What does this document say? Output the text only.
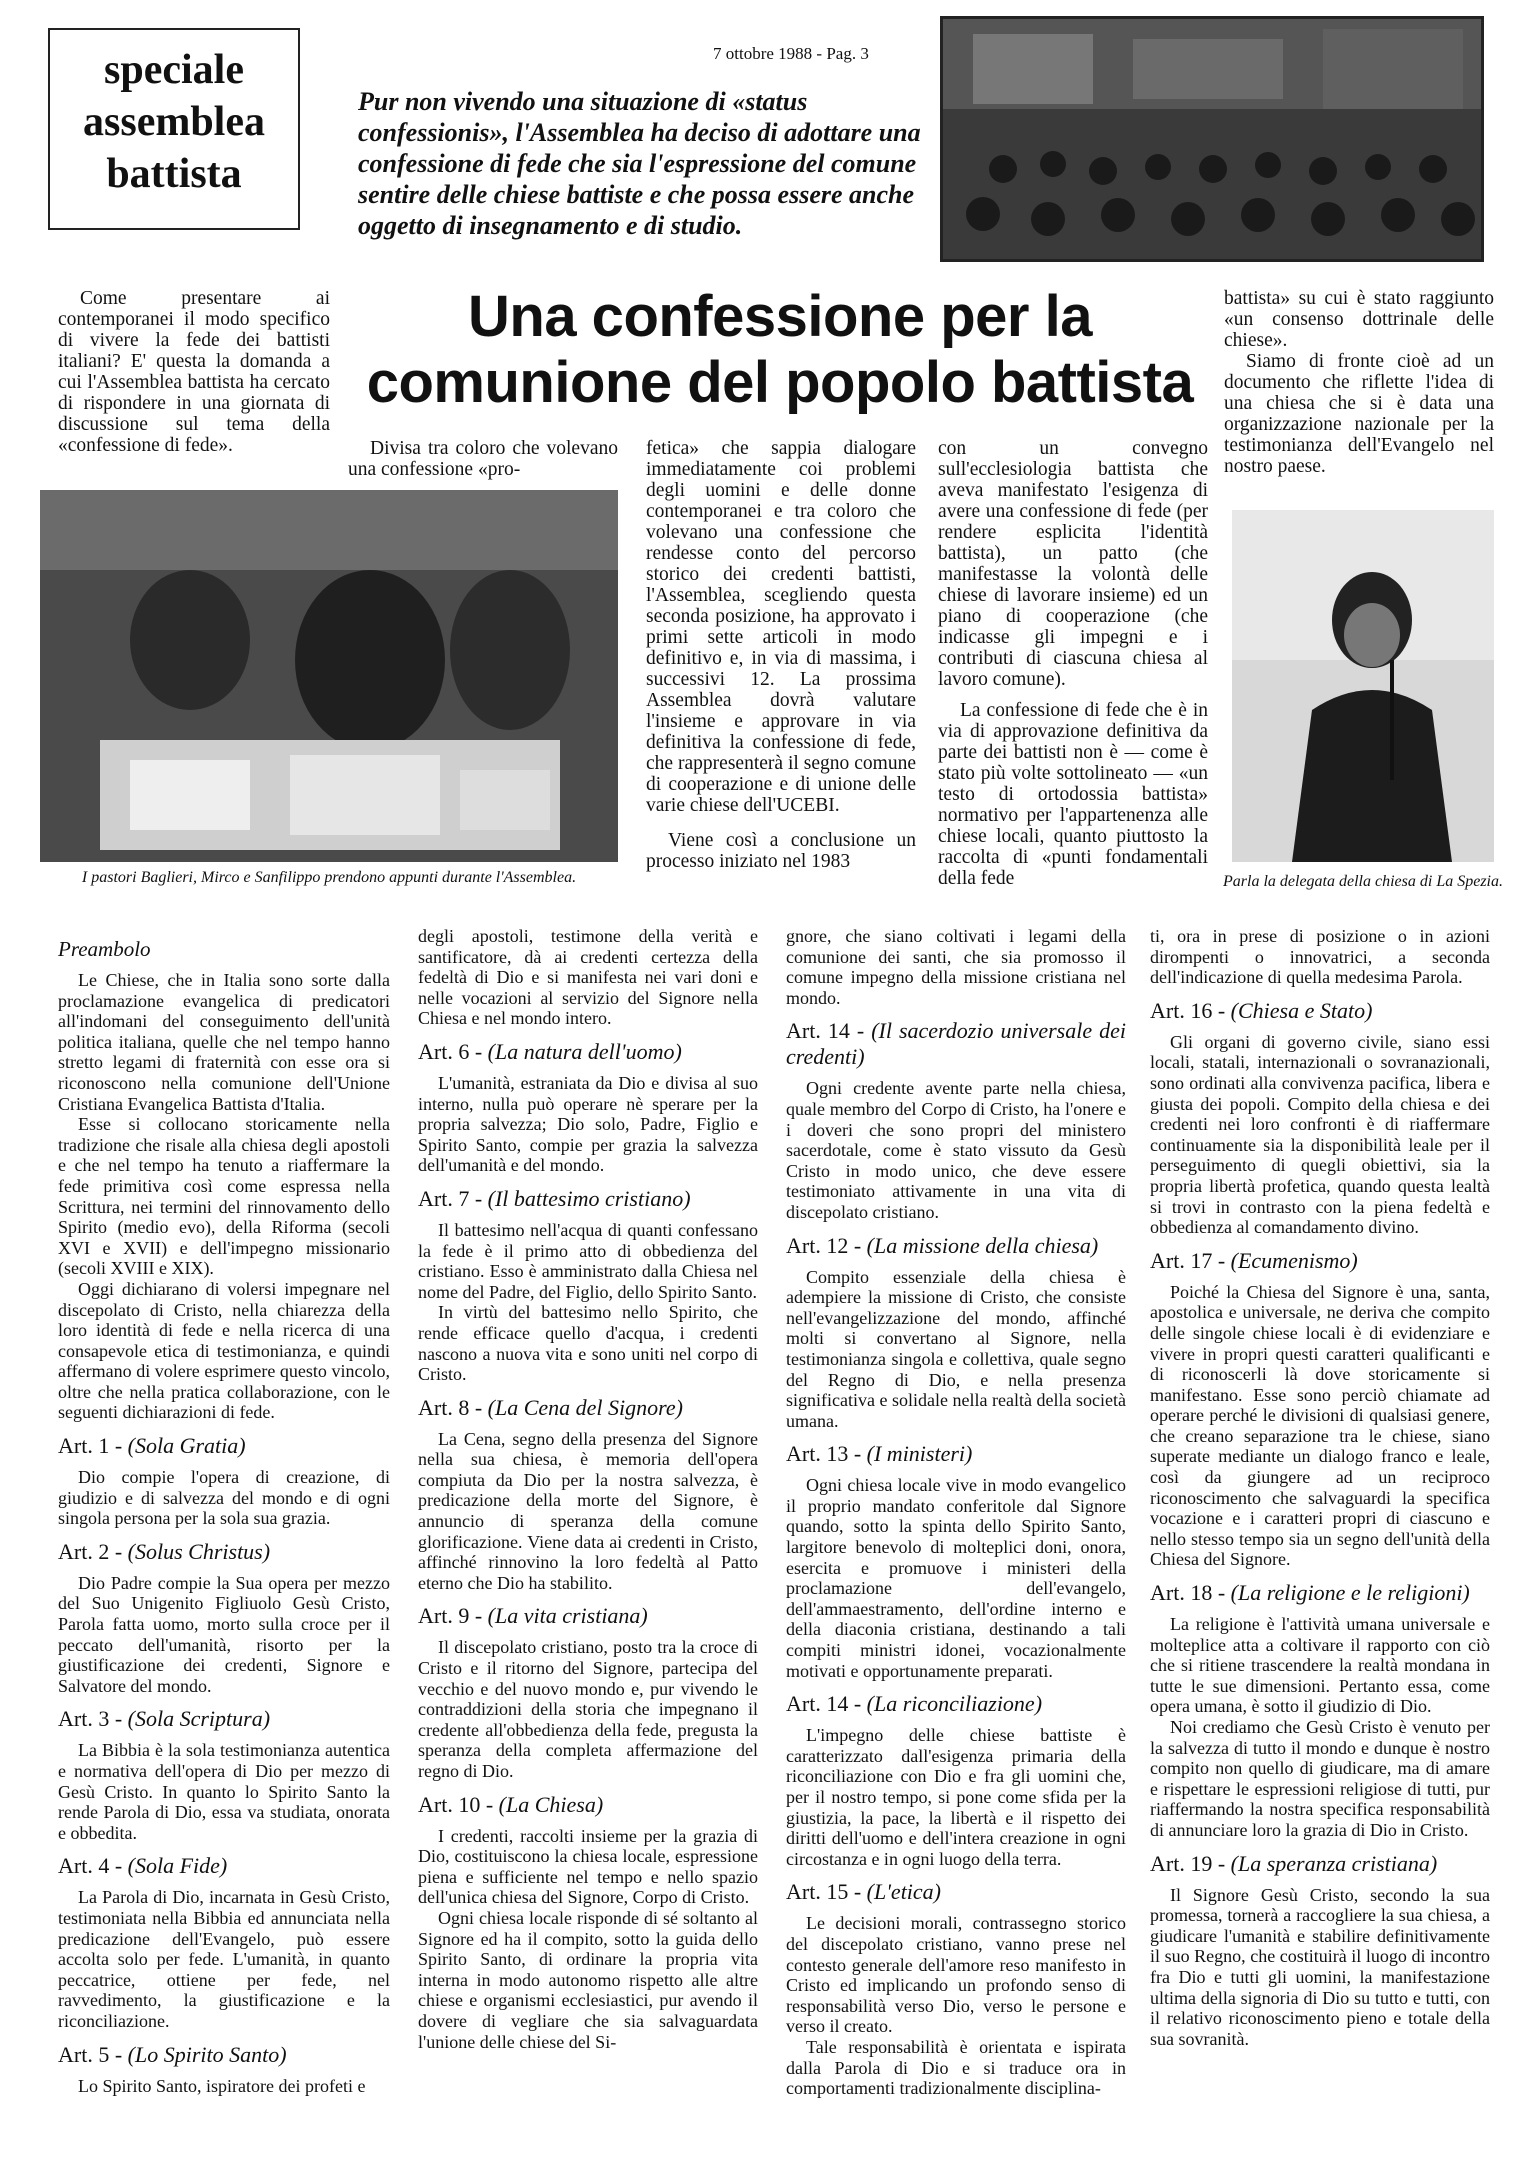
speciale
assemblea
battista
7 ottobre 1988 - Pag. 3
Pur non vivendo una situazione di «status confessionis», l'Assemblea ha deciso di adottare una confessione di fede che sia l'espressione del comune sentire delle chiese battiste e che possa essere anche oggetto di insegnamento e di studio.
Una confessione per la
comunione del popolo battista

Come presentare ai contemporanei il modo specifico di vivere la fede dei battisti italiani? E' questa la domanda a cui l'Assemblea battista ha cercato di rispondere in una giornata di discussione sul tema della «confessione di fede».	Divisa tra coloro che volevano una confessione «pro-

I pastori Baglieri, Mirco e Sanfilippo prendono appunti durante l'Assemblea.

fetica» che sappia dialogare immediatamente coi problemi degli uomini e delle donne contemporanei e tra coloro che volevano una confessione che rendesse conto del percorso storico dei credenti battisti, l'Assemblea, scegliendo questa seconda posizione, ha approvato i primi sette articoli in modo definitivo e, in via di massima, i successivi 12. La prossima Assemblea dovrà valutare l'insieme e approvare in via definitiva la confessione di fede, che rappresenterà il segno comune di cooperazione e di unione delle varie chiese dell'UCEBI.

Viene così a conclusione un processo iniziato nel 1983

con un convegno sull'ecclesiologia battista che aveva manifestato l'esigenza di avere una confessione di fede (per rendere esplicita l'identità battista), un patto (che manifestasse la volontà delle chiese di lavorare insieme) ed un piano di cooperazione (che indicasse gli impegni e i contributi di ciascuna chiesa al lavoro comune).

La confessione di fede che è in via di approvazione definitiva da parte dei battisti non è — come è stato più volte sottolineato — «un testo di ortodossia battista» normativo per l'appartenenza alle chiese locali, quanto piuttosto la raccolta di «punti fondamentali della fede

battista» su cui è stato raggiunto «un consenso dottrinale delle chiese».

Siamo di fronte cioè ad un documento che riflette l'idea di una chiesa che si è data una organizzazione nazionale per la testimonianza dell'Evangelo nel nostro paese.

Parla la delegata della chiesa di La Spezia.
Preambolo

Le Chiese, che in Italia sono sorte dalla proclamazione evangelica di predicatori all'indomani del conseguimento dell'unità politica italiana, quelle che nel tempo hanno stretto legami di fraternità con esse ora si riconoscono nella comunione dell'Unione Cristiana Evangelica Battista d'Italia.

Esse si collocano storicamente nella tradizione che risale alla chiesa degli apostoli e che nel tempo ha tenuto a riaffermare la fede primitiva così come espressa nella Scrittura, nei termini del rinnovamento dello Spirito (medio evo), della Riforma (secoli XVI e XVII) e dell'impegno missionario (secoli XVIII e XIX).

Oggi dichiarano di volersi impegnare nel discepolato di Cristo, nella chiarezza della loro identità di fede e nella ricerca di una consapevole etica di testimonianza, e quindi affermano di volere esprimere questo vincolo, oltre che nella pratica collaborazione, con le seguenti dichiarazioni di fede.

Art. 1 - (Sola Gratia)

Dio compie l'opera di creazione, di giudizio e di salvezza del mondo e di ogni singola persona per la sola sua grazia.

Art. 2 - (Solus Christus)

Dio Padre compie la Sua opera per mezzo del Suo Unigenito Figliuolo Gesù Cristo, Parola fatta uomo, morto sulla croce per il peccato dell'umanità, risorto per la giustificazione dei credenti, Signore e Salvatore del mondo.

Art. 3 - (Sola Scriptura)

La Bibbia è la sola testimonianza autentica e normativa dell'opera di Dio per mezzo di Gesù Cristo. In quanto lo Spirito Santo la rende Parola di Dio, essa va studiata, onorata e obbedita.

Art. 4 - (Sola Fide)

La Parola di Dio, incarnata in Gesù Cristo, testimoniata nella Bibbia ed annunciata nella predicazione dell'Evangelo, può essere accolta solo per fede. L'umanità, in quanto peccatrice, ottiene per fede, nel ravvedimento, la giustificazione e la riconciliazione.

Art. 5 - (Lo Spirito Santo)

Lo Spirito Santo, ispiratore dei profeti e

degli apostoli, testimone della verità e santificatore, dà ai credenti certezza della fedeltà di Dio e si manifesta nei vari doni e nelle vocazioni al servizio del Signore nella Chiesa e nel mondo intero.

Art. 6 - (La natura dell'uomo)

L'umanità, estraniata da Dio e divisa al suo interno, nulla può operare nè sperare per la propria salvezza; Dio solo, Padre, Figlio e Spirito Santo, compie per grazia la salvezza dell'umanità e del mondo.

Art. 7 - (Il battesimo cristiano)

Il battesimo nell'acqua di quanti confessano la fede è il primo atto di obbedienza del cristiano. Esso è amministrato dalla Chiesa nel nome del Padre, del Figlio, dello Spirito Santo.

In virtù del battesimo nello Spirito, che rende efficace quello d'acqua, i credenti nascono a nuova vita e sono uniti nel corpo di Cristo.

Art. 8 - (La Cena del Signore)

La Cena, segno della presenza del Signore nella sua chiesa, è memoria dell'opera compiuta da Dio per la nostra salvezza, è predicazione della morte del Signore, è annuncio di speranza della comune glorificazione. Viene data ai credenti in Cristo, affinché rinnovino la loro fedeltà al Patto eterno che Dio ha stabilito.

Art. 9 - (La vita cristiana)

Il discepolato cristiano, posto tra la croce di Cristo e il ritorno del Signore, partecipa del vecchio e del nuovo mondo e, pur vivendo le contraddizioni della storia che impegnano il credente all'obbedienza della fede, pregusta la speranza della completa affermazione del regno di Dio.

Art. 10 - (La Chiesa)

I credenti, raccolti insieme per la grazia di Dio, costituiscono la chiesa locale, espressione piena e sufficiente nel tempo e nello spazio dell'unica chiesa del Signore, Corpo di Cristo.

Ogni chiesa locale risponde di sé soltanto al Signore ed ha il compito, sotto la guida dello Spirito Santo, di ordinare la propria vita interna in modo autonomo rispetto alle altre chiese e organismi ecclesiastici, pur avendo il dovere di vegliare che sia salvaguardata l'unione delle chiese del Si-

gnore, che siano coltivati i legami della comunione dei santi, che sia promosso il comune impegno della missione cristiana nel mondo.

Art. 14 - (Il sacerdozio universale dei credenti)

Ogni credente avente parte nella chiesa, quale membro del Corpo di Cristo, ha l'onere e i doveri che sono propri del ministero sacerdotale, come è stato vissuto da Gesù Cristo in modo unico, che deve essere testimoniato attivamente in una vita di discepolato cristiano.

Art. 12 - (La missione della chiesa)

Compito essenziale della chiesa è adempiere la missione di Cristo, che consiste nell'evangelizzazione del mondo, affinché molti si convertano al Signore, nella testimonianza singola e collettiva, quale segno del Regno di Dio, e nella presenza significativa e solidale nella realtà della società umana.

Art. 13 - (I ministeri)

Ogni chiesa locale vive in modo evangelico il proprio mandato conferitole dal Signore quando, sotto la spinta dello Spirito Santo, largitore benevolo di molteplici doni, onora, esercita e promuove i ministeri della proclamazione dell'evangelo, dell'ammaestramento, dell'ordine interno e della diaconia cristiana, destinando a tali compiti ministri idonei, vocazionalmente motivati e opportunamente preparati.

Art. 14 - (La riconciliazione)

L'impegno delle chiese battiste è caratterizzato dall'esigenza primaria della riconciliazione con Dio e fra gli uomini che, per il nostro tempo, si pone come sfida per la giustizia, la pace, la libertà e il rispetto dei diritti dell'uomo e dell'intera creazione in ogni circostanza e in ogni luogo della terra.

Art. 15 - (L'etica)

Le decisioni morali, contrassegno storico del discepolato cristiano, vanno prese nel contesto generale dell'amore reso manifesto in Cristo ed implicando un profondo senso di responsabilità verso Dio, verso le persone e verso il creato.

Tale responsabilità è orientata e ispirata dalla Parola di Dio e si traduce ora in comportamenti tradizionalmente disciplina-

ti, ora in prese di posizione o in azioni dirompenti o innovatrici, a seconda dell'indicazione di quella medesima Parola.

Art. 16 - (Chiesa e Stato)

Gli organi di governo civile, siano essi locali, statali, internazionali o sovranazionali, sono ordinati alla convivenza pacifica, libera e giusta dei popoli. Compito della chiesa e dei credenti nei loro confronti è di riaffermare continuamente sia la disponibilità leale per il perseguimento di quegli obiettivi, sia la propria libertà profetica, quando questa lealtà si trovi in contrasto con la piena fedeltà e obbedienza al comandamento divino.

Art. 17 - (Ecumenismo)

Poiché la Chiesa del Signore è una, santa, apostolica e universale, ne deriva che compito delle singole chiese locali è di evidenziare e vivere in propri questi caratteri qualificanti e di riconoscerli là dove storicamente si manifestano. Esse sono perciò chiamate ad operare perché le divisioni di qualsiasi genere, che creano separazione tra le chiese, siano superate mediante un dialogo franco e leale, così da giungere ad un reciproco riconoscimento che salvaguardi la specifica vocazione e i caratteri propri di ciascuno e nello stesso tempo sia un segno dell'unità della Chiesa del Signore.

Art. 18 - (La religione e le religioni)

La religione è l'attività umana universale e molteplice atta a coltivare il rapporto con ciò che si ritiene trascendere la realtà mondana in tutte le sue dimensioni. Pertanto essa, come opera umana, è sotto il giudizio di Dio.

Noi crediamo che Gesù Cristo è venuto per la salvezza di tutto il mondo e dunque è nostro compito non quello di giudicare, ma di amare e rispettare le espressioni religiose di tutti, pur riaffermando la nostra specifica responsabilità di annunciare loro la grazia di Dio in Cristo.

Art. 19 - (La speranza cristiana)

Il Signore Gesù Cristo, secondo la sua promessa, tornerà a raccogliere la sua chiesa, a giudicare l'umanità e stabilire definitivamente il suo Regno, che costituirà il luogo di incontro fra Dio e tutti gli uomini, la manifestazione ultima della signoria di Dio su tutto e tutti, con il relativo riconoscimento pieno e totale della sua sovranità.
